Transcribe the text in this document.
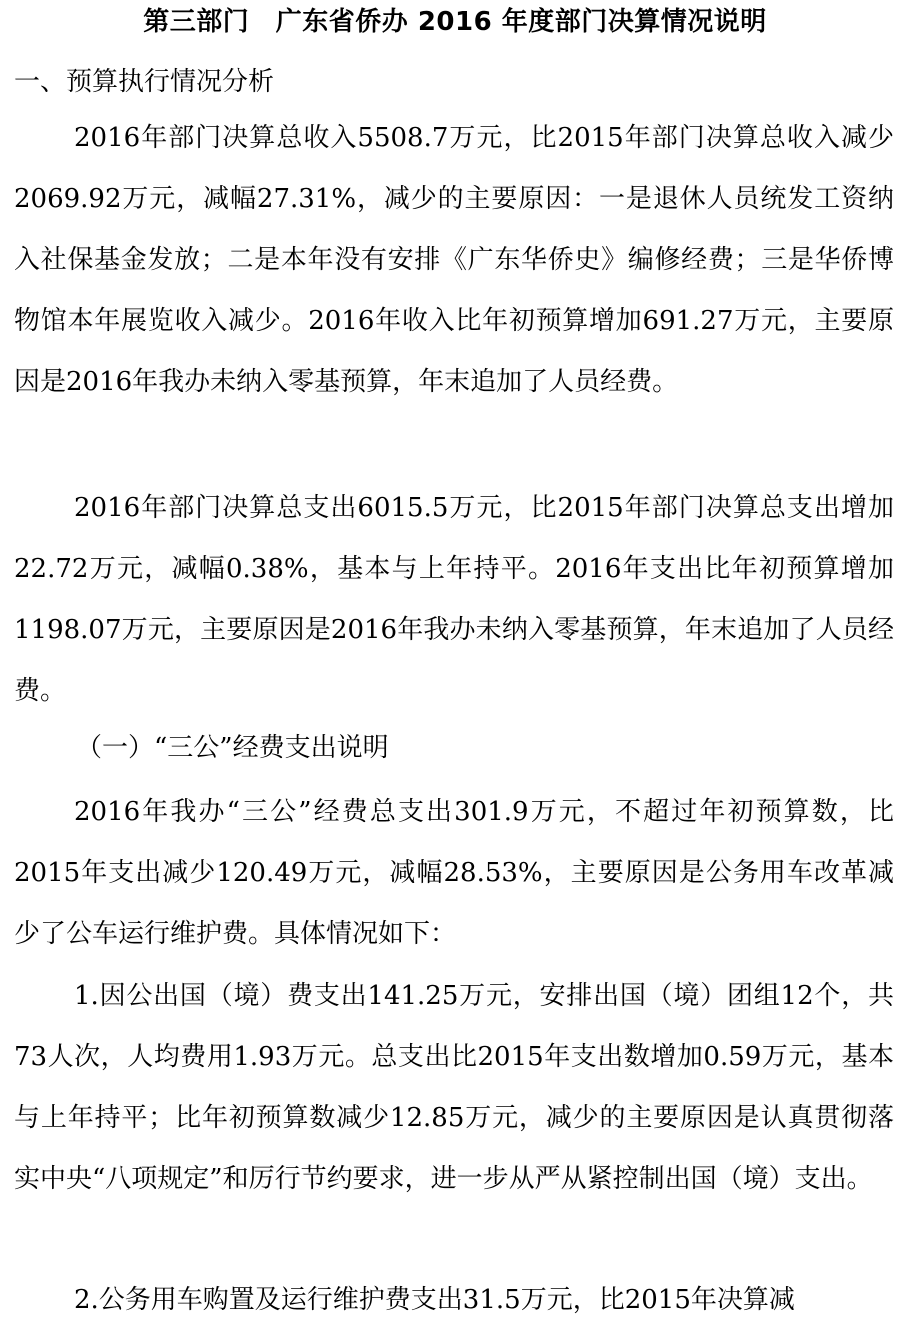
第三部门　广东省侨办 2016 年度部门决算情况说明
一、预算执行情况分析

2016年部门决算总收入5508.7万元，比2015年部门决算总收入减少2069.92万元，减幅27.31%，减少的主要原因：一是退休人员统发工资纳入社保基金发放；二是本年没有安排《广东华侨史》编修经费；三是华侨博物馆本年展览收入减少。2016年收入比年初预算增加691.27万元，主要原因是2016年我办未纳入零基预算，年末追加了人员经费。

2016年部门决算总支出6015.5万元，比2015年部门决算总支出增加22.72万元，减幅0.38%，基本与上年持平。2016年支出比年初预算增加1198.07万元，主要原因是2016年我办未纳入零基预算，年末追加了人员经费。

（一）“三公”经费支出说明

2016年我办“三公”经费总支出301.9万元，不超过年初预算数，比2015年支出减少120.49万元，减幅28.53%，主要原因是公务用车改革减少了公车运行维护费。具体情况如下：

1.因公出国（境）费支出141.25万元，安排出国（境）团组12个，共73人次，人均费用1.93万元。总支出比2015年支出数增加0.59万元，基本与上年持平；比年初预算数减少12.85万元，减少的主要原因是认真贯彻落实中央“八项规定”和厉行节约要求，进一步从严从紧控制出国（境）支出。

2.公务用车购置及运行维护费支出31.5万元，比2015年决算减
